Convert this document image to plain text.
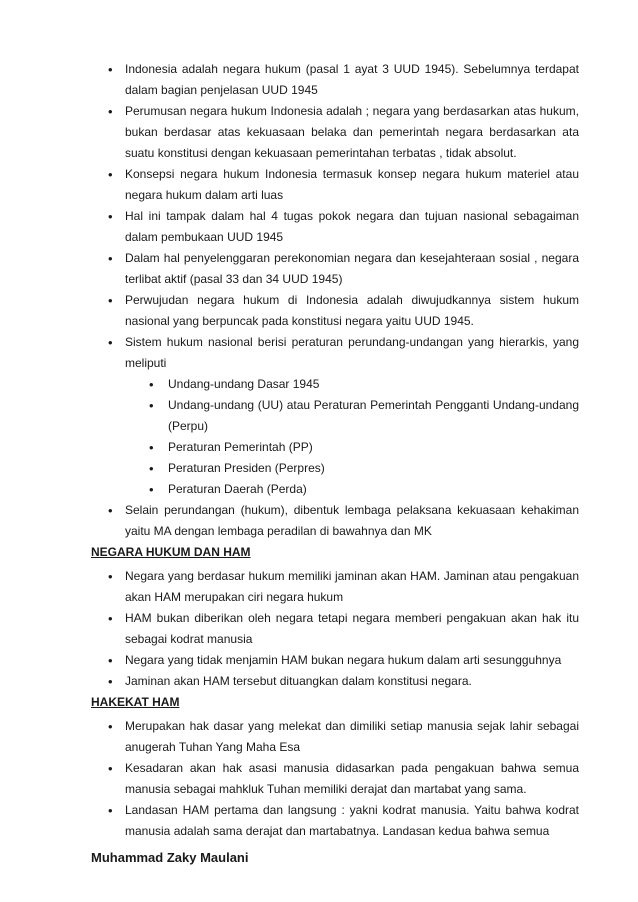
• Indonesia adalah negara hukum (pasal 1 ayat 3 UUD 1945). Sebelumnya terdapat dalam bagian penjelasan UUD 1945
• Perumusan negara hukum Indonesia adalah ; negara yang berdasarkan atas hukum, bukan berdasar atas kekuasaan belaka dan pemerintah negara berdasarkan ata suatu konstitusi dengan kekuasaan pemerintahan terbatas , tidak absolut.
• Konsepsi negara hukum Indonesia termasuk konsep negara hukum materiel atau negara hukum dalam arti luas
• Hal ini tampak dalam hal 4 tugas pokok negara dan tujuan nasional sebagaiman dalam pembukaan UUD 1945
• Dalam hal penyelenggaran perekonomian negara dan kesejahteraan sosial , negara terlibat aktif (pasal 33 dan 34 UUD 1945)
• Perwujudan negara hukum di Indonesia adalah diwujudkannya sistem hukum nasional yang berpuncak pada konstitusi negara yaitu UUD 1945.
• Sistem hukum nasional berisi peraturan perundang-undangan yang hierarkis, yang meliputi
• Undang-undang Dasar 1945
• Undang-undang (UU) atau Peraturan Pemerintah Pengganti Undang-undang (Perpu)
• Peraturan Pemerintah (PP)
• Peraturan Presiden (Perpres)
• Peraturan Daerah (Perda)
• Selain perundangan (hukum), dibentuk lembaga pelaksana kekuasaan kehakiman yaitu MA dengan lembaga peradilan di bawahnya dan MK
NEGARA HUKUM DAN HAM
• Negara yang berdasar hukum memiliki jaminan akan HAM. Jaminan atau pengakuan akan HAM merupakan ciri negara hukum
• HAM bukan diberikan oleh negara tetapi negara memberi pengakuan akan hak itu sebagai kodrat manusia
• Negara yang tidak menjamin HAM bukan negara hukum dalam arti sesungguhnya
• Jaminan akan HAM tersebut dituangkan dalam konstitusi negara.
HAKEKAT HAM
• Merupakan hak dasar yang melekat dan dimiliki setiap manusia sejak lahir sebagai anugerah Tuhan Yang Maha Esa
• Kesadaran akan hak asasi manusia didasarkan pada pengakuan bahwa semua manusia sebagai mahkluk Tuhan memiliki derajat dan martabat yang sama.
• Landasan HAM pertama dan langsung : yakni kodrat manusia. Yaitu bahwa kodrat manusia adalah sama derajat dan martabatnya. Landasan kedua bahwa semua
Muhammad Zaky Maulani
